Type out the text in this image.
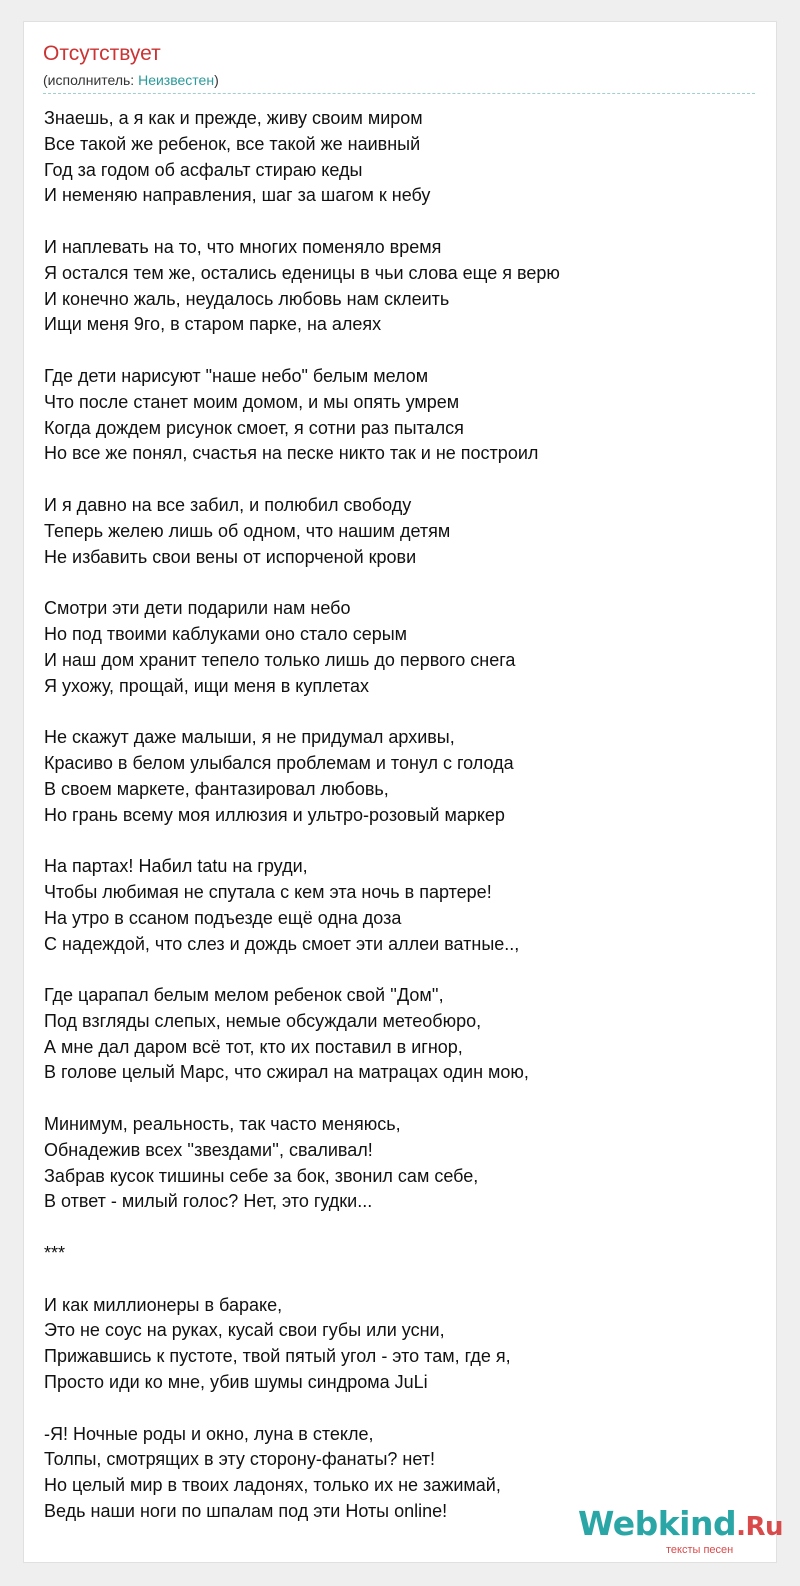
Отсутствует
(исполнитель: Неизвестен)
Знаешь, а я как и прежде, живу своим миром
Все такой же ребенок, все такой же наивный
Год за годом об асфальт стираю кеды
И неменяю направления, шаг за шагом к небу
И наплевать на то, что многих поменяло время
Я остался тем же, остались еденицы в чьи слова еще я верю
И конечно жаль, неудалось любовь нам склеить
Ищи меня 9го, в старом парке, на алеях
Где дети нарисуют "наше небо" белым мелом
Что после станет моим домом, и мы опять умрем
Когда дождем рисунок смоет, я сотни раз пытался
Но все же понял, счастья на песке никто так и не построил
И я давно на все забил, и полюбил свободу
Теперь желею лишь об одном, что нашим детям
Не избавить свои вены от испорченой крови
Смотри эти дети подарили нам небо
Но под твоими каблуками оно стало серым
И наш дом хранит тепело только лишь до первого снега
Я ухожу, прощай, ищи меня в куплетах
Не скажут даже малыши, я не придумал архивы,
Красиво в белом улыбался проблемам и тонул с голода
В своем маркете, фантазировал любовь,
Но грань всему моя иллюзия и ультро-розовый маркер
На партах! Набил tatu на груди,
Чтобы любимая не спутала с кем эта ночь в партере!
На утро в ссаном подъезде ещё одна доза
С надеждой, что слез и дождь смоет эти аллеи ватные..,
Где царапал белым мелом ребенок свой ''Дом'',
Под взгляды слепых, немые обсуждали метеобюро,
А мне дал даром всё тот, кто их поставил в игнор,
В голове целый Марс, что сжирал на матрацах один мою,
Минимум, реальность, так часто меняюсь,
Обнадежив всех ''звездами'', сваливал!
Забрав кусок тишины себе за бок, звонил сам себе,
В ответ - милый голос? Нет, это гудки...
***
И как миллионеры в бараке,
Это не соус на руках, кусай свои губы или усни,
Прижавшись к пустоте, твой пятый угол - это там, где я,
Просто иди ко мне, убив шумы синдрома JuLi
-Я! Ночные роды и окно, луна в стекле,
Толпы, смотрящих в эту сторону-фанаты? нет!
Но целый мир в твоих ладонях, только их не зажимай,
Ведь наши ноги по шпалам под эти Ноты online!	Webkind.Ru
тексты песен
